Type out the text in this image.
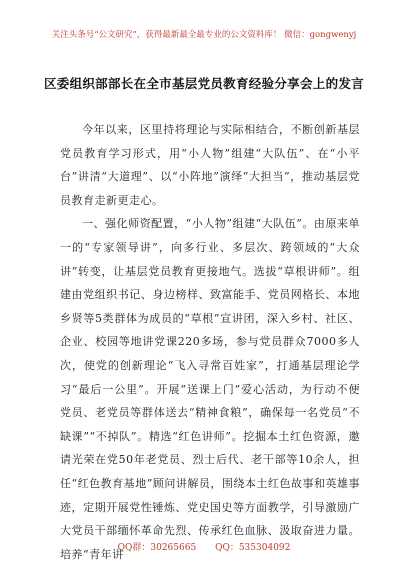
关注头条号“公文研究”，获得最新最全最专业的公文资料库！ 微信：gongwenyj
区委组织部部长在全市基层党员教育经验分享会上的发言

今年以来，区里持将理论与实际相结合，不断创新基层党员教育学习形式，用“小人物”组建“大队伍”、在“小平台”讲清“大道理”、以“小阵地”演绎“大担当”，推动基层党员教育走新更走心。

一、强化师资配置，“小人物”组建“大队伍”。由原来单一的“专家领导讲”，向多行业、多层次、跨领域的“大众讲”转变，让基层党员教育更接地气。选拔“草根讲师”。组建由党组织书记、身边榜样、致富能手、党员网格长、本地乡贤等5类群体为成员的“草根”宣讲团，深入乡村、社区、企业、校园等地讲党课220多场，参与党员群众7000多人次，使党的创新理论“飞入寻常百姓家”，打通基层理论学习“最后一公里”。开展“送课上门”爱心活动，为行动不便党员、老党员等群体送去“精神食粮”，确保每一名党员“不缺课”“不掉队”。精选“红色讲师”。挖掘本土红色资源，邀请光荣在党50年老党员、烈士后代、老干部等10余人，担任“红色教育基地”顾问讲解员，围绕本土红色故事和英雄事迹，定期开展党性锤炼、党史国史等方面教学，引导激励广大党员干部缅怀革命先烈、传承红色血脉、汲取奋进力量。培养“青年讲

QQ群：30265665 QQ：535304092
